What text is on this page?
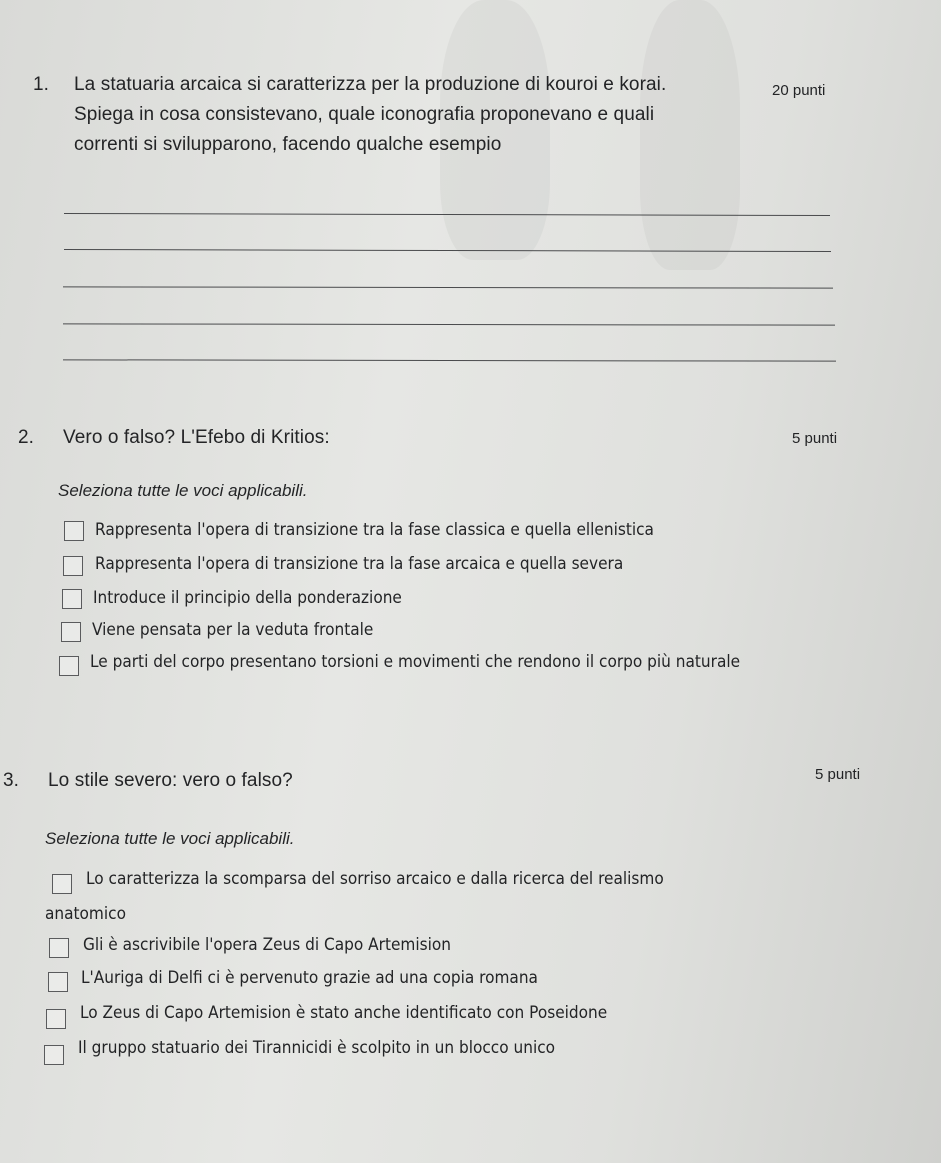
1. La statuaria arcaica si caratterizza per la produzione di kouroi e korai.	20 punti
Spiega in cosa consistevano, quale iconografia proponevano e quali
correnti si svilupparono, facendo qualche esempio
2. Vero o falso? L'Efebo di Kritios:	5 punti
Seleziona tutte le voci applicabili.
Rappresenta l'opera di transizione tra la fase classica e quella ellenistica
Rappresenta l'opera di transizione tra la fase arcaica e quella severa
Introduce il principio della ponderazione
Viene pensata per la veduta frontale
Le parti del corpo presentano torsioni e movimenti che rendono il corpo più naturale
3. Lo stile severo: vero o falso?	5 punti
Seleziona tutte le voci applicabili.
Lo caratterizza la scomparsa del sorriso arcaico e dalla ricerca del realismo
anatomico
Gli è ascrivibile l'opera Zeus di Capo Artemision
L'Auriga di Delfi ci è pervenuto grazie ad una copia romana
Lo Zeus di Capo Artemision è stato anche identificato con Poseidone
Il gruppo statuario dei Tirannicidi è scolpito in un blocco unico
